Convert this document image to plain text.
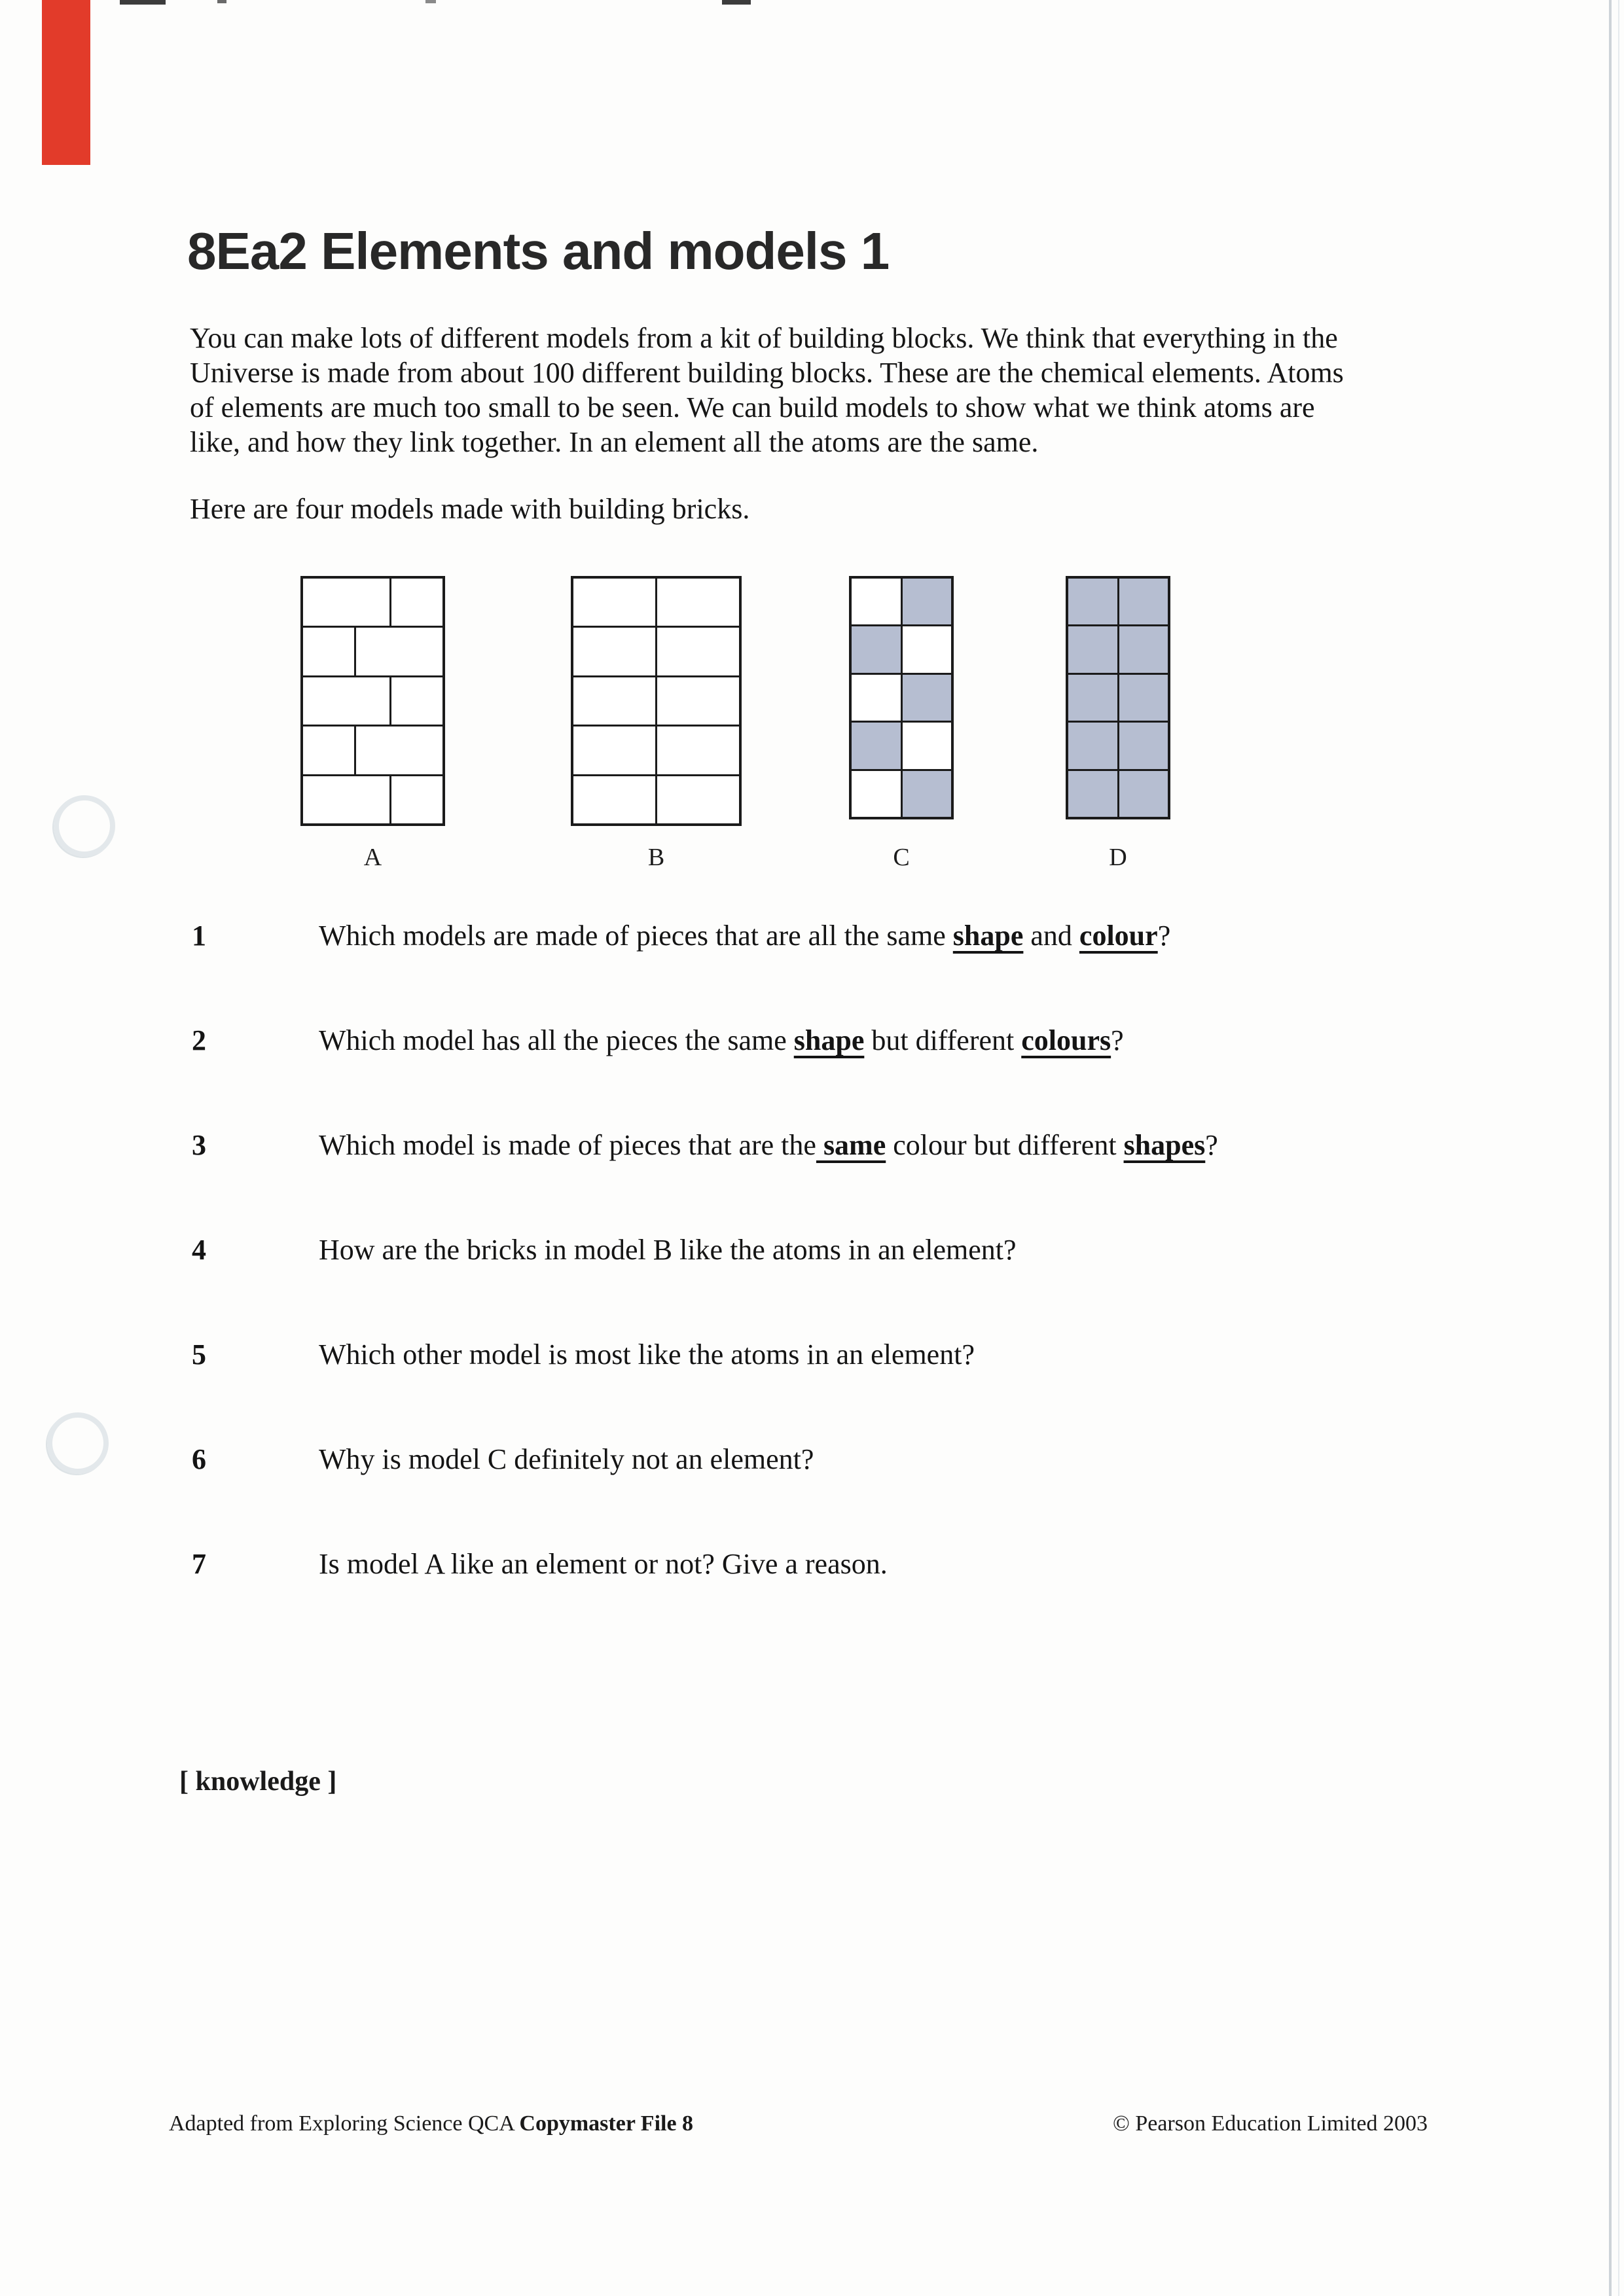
8Ea2 Elements and models 1
You can make lots of different models from a kit of building blocks. We think that everything in the
Universe is made from about 100 different building blocks. These are the chemical elements. Atoms
of elements are much too small to be seen. We can build models to show what we think atoms are
like, and how they link together. In an element all the atoms are the same.
Here are four models made with building bricks.
A	B	C	D
1	Which models are made of pieces that are all the same shape and colour?
2	Which model has all the pieces the same shape but different colours?
3	Which model is made of pieces that are the same colour but different shapes?
4	How are the bricks in model B like the atoms in an element?
5	Which other model is most like the atoms in an element?
6	Why is model C definitely not an element?
7	Is model A like an element or not? Give a reason.
[ knowledge ]
Adapted from Exploring Science QCA Copymaster File 8	© Pearson Education Limited 2003
